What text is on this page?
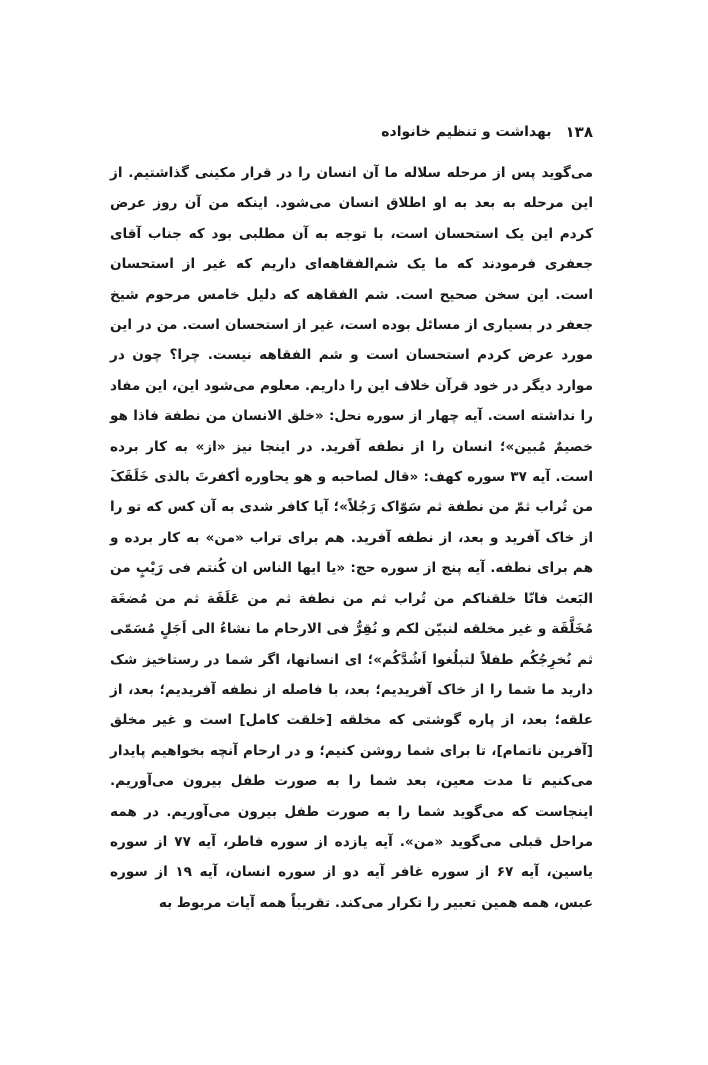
۱۳۸
بهداشت و تنظیم خانواده

می‌گوید پس از مرحله سلاله ما آن انسان را در قرار مکینی گذاشتیم. از این مرحله به بعد به او اطلاق انسان می‌شود. اینکه من آن روز عرض کردم این یک استحسان است، با توجه به آن مطلبی بود که جناب آقای جعفری فرمودند که ما یک شم‌الفقاهه‌ای داریم که غیر از استحسان است. این سخن صحیح است. شم الفقاهه که دلیل خامس مرحوم شیخ جعفر در بسیاری از مسائل بوده است، غیر از استحسان است. من در این مورد عرض کردم استحسان است و شم الفقاهه نیست. چرا؟ چون در موارد دیگر در خود قرآن خلاف این را داریم. معلوم می‌شود این، این مفاد را نداشته است. آیه چهار از سوره نحل: «خلق الانسان من نطفة فاذا هو خصیمٌ مُبین»؛ انسان را از نطفه آفرید. در اینجا نیز «از» به کار برده است. آیه ۳۷ سوره کهف: «قال لصاحبه و هو یحاوره أکفرتَ بالذی خَلَقَکَ من تُراب ثمّ من نطفة ثم سَوّاک رَجُلاً»؛ آیا کافر شدی به آن کس که تو را از خاک آفرید و بعد، از نطفه آفرید. هم برای تراب «من» به کار برده و هم برای نطفه. آیه پنج از سوره حج: «یا ایها الناس ان کُنتم فی رَیْبٍ من البَعث فانّا خلقناکم من تُراب ثم من نطفة ثم من عَلَقَة ثم من مُضغَة مُخَلَّقَة و غیر مخلقه لنبیّن لکم و نُقِرُّ فی الارحام ما نشاءُ الی اَجَلٍ مُسَمّی ثم نُخرِجُکُم طفلاً لتبلُغوا اَشُدَّکُم»؛ ای انسانها، اگر شما در رستاخیز شک دارید ما شما را از خاک آفریدیم؛ بعد، با فاصله از نطفه آفریدیم؛ بعد، از علقه؛ بعد، از پاره گوشتی که مخلقه [خلقت کامل] است و غیر مخلق [آفرین ناتمام]، تا برای شما روشن کنیم؛ و در ارحام آنچه بخواهیم پایدار می‌کنیم تا مدت معین، بعد شما را به صورت طفل بیرون می‌آوریم. اینجاست که می‌گوید شما را به صورت طفل بیرون می‌آوریم. در همه مراحل قبلی می‌گوید «من». آیه یازده از سوره فاطر، آیه ۷۷ از سوره یاسین، آیه ۶۷ از سوره غافر آیه دو از سوره انسان، آیه ۱۹ از سوره عبس، همه همین تعبیر را تکرار می‌کند. تقریباً همه آیات مربوط به
